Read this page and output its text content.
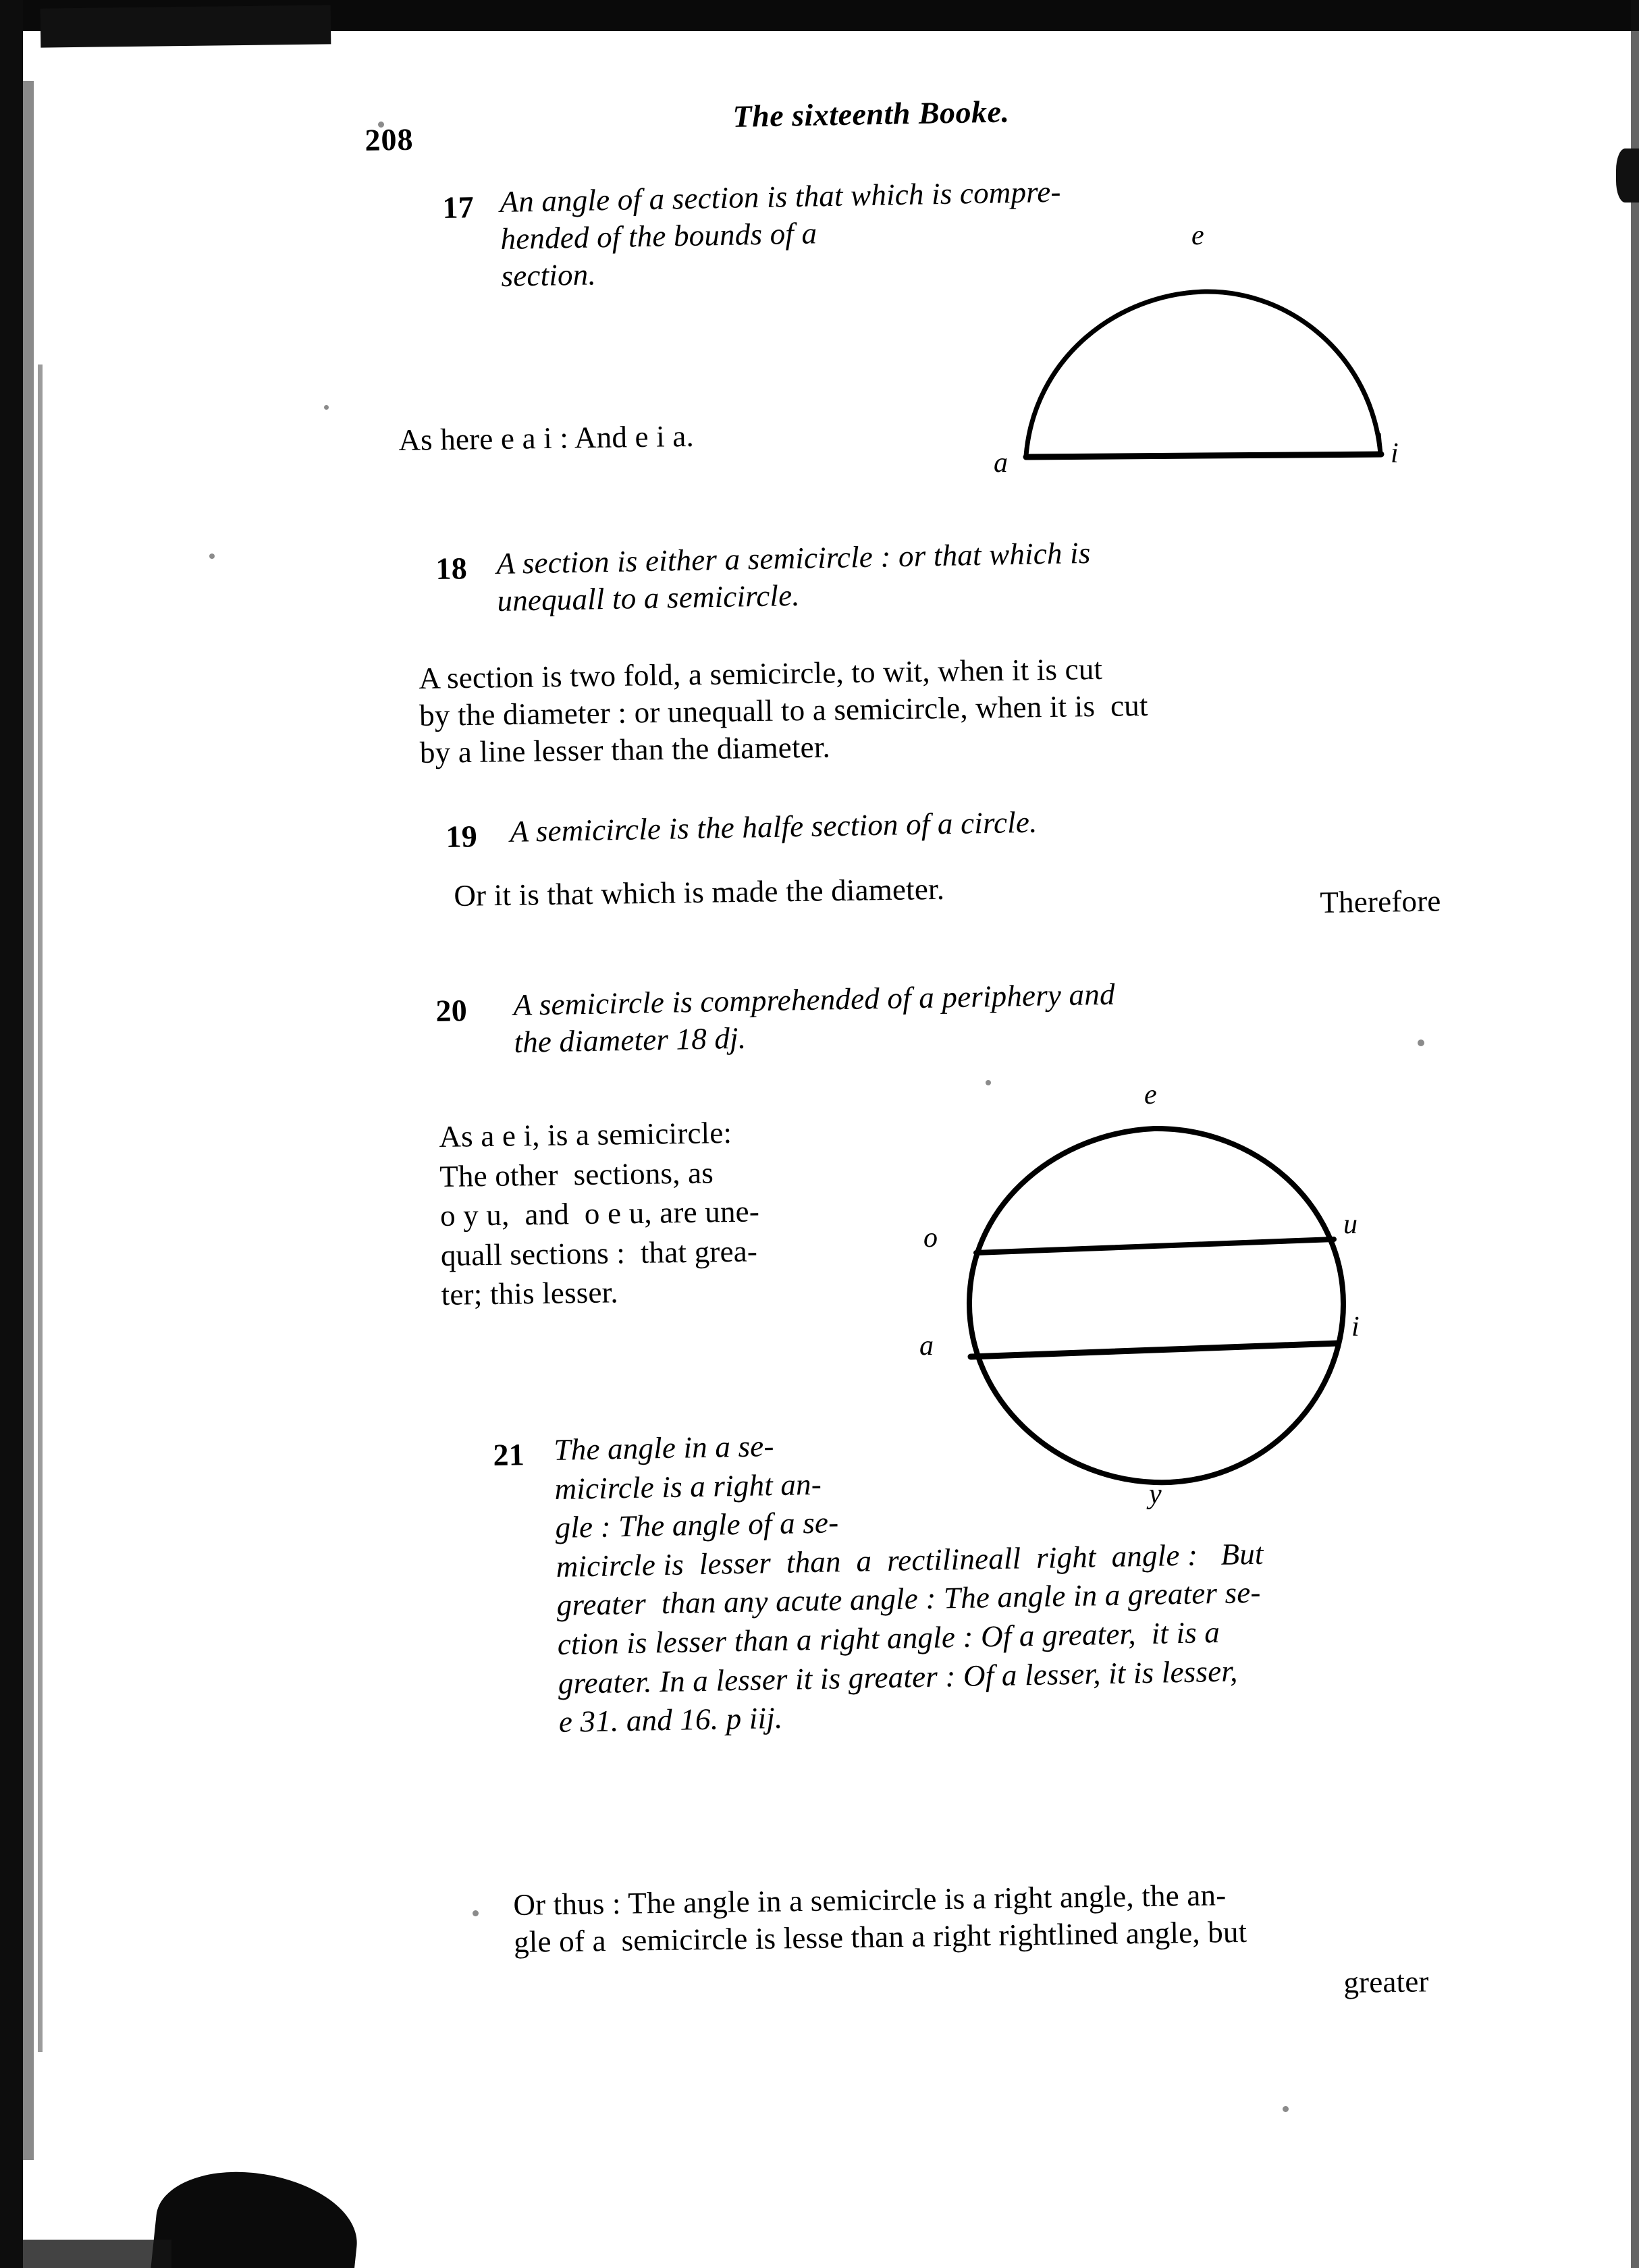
208
The sixteenth Booke.
17 An angle of a section is that which is compre-
hended of the bounds of a
section.
As here e a i : And e i a.
e
a	i
18 A section is either a semicircle : or that which is
unequall to a semicircle.
A section is two fold, a semicircle, to wit, when it is cut
by the diameter : or unequall to a semicircle, when it is  cut
by a line lesser than the diameter.
19 A semicircle is the halfe section of a circle.
Or it is that which is made the diameter.	Therefore
20 A semicircle is comprehended of a periphery and
the diameter 18 dj.
As a e i, is a semicircle:
The other  sections, as
o y u,  and  o e u, are une-
quall sections :  that grea-
ter; this lesser.
e
o	u
a
i
y
21 The angle in a se-
micircle is a right an-
gle : The angle of a se-
micircle is  lesser  than  a  rectilineall  right  angle :   But
greater  than any acute angle : The angle in a greater se-
ction is lesser than a right angle : Of a greater,  it is a
greater. In a lesser it is greater : Of a lesser, it is lesser,
e 31. and 16. p iij.
Or thus : The angle in a semicircle is a right angle, the an-
gle of a  semicircle is lesse than a right rightlined angle, but
greater
